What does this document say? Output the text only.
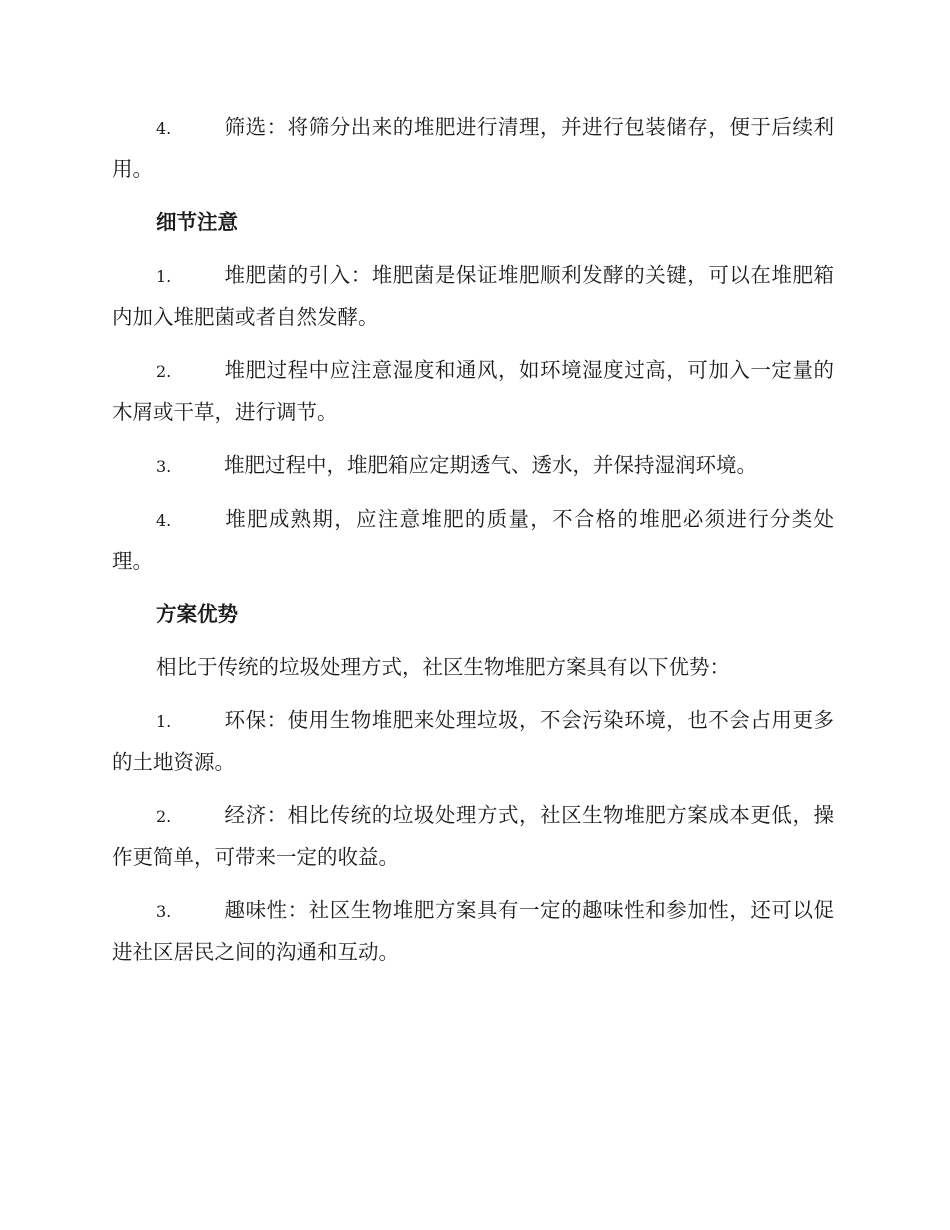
4.	筛选：将筛分出来的堆肥进行清理，并进行包装储存，便于后续利用。

细节注意

1.	堆肥菌的引入：堆肥菌是保证堆肥顺利发酵的关键，可以在堆肥箱内加入堆肥菌或者自然发酵。

2.	堆肥过程中应注意湿度和通风，如环境湿度过高，可加入一定量的木屑或干草，进行调节。

3.	堆肥过程中，堆肥箱应定期透气、透水，并保持湿润环境。

4.	堆肥成熟期，应注意堆肥的质量，不合格的堆肥必须进行分类处理。

方案优势

相比于传统的垃圾处理方式，社区生物堆肥方案具有以下优势：

1.	环保：使用生物堆肥来处理垃圾，不会污染环境，也不会占用更多的土地资源。

2.	经济：相比传统的垃圾处理方式，社区生物堆肥方案成本更低，操作更简单，可带来一定的收益。

3.	趣味性：社区生物堆肥方案具有一定的趣味性和参加性，还可以促进社区居民之间的沟通和互动。
